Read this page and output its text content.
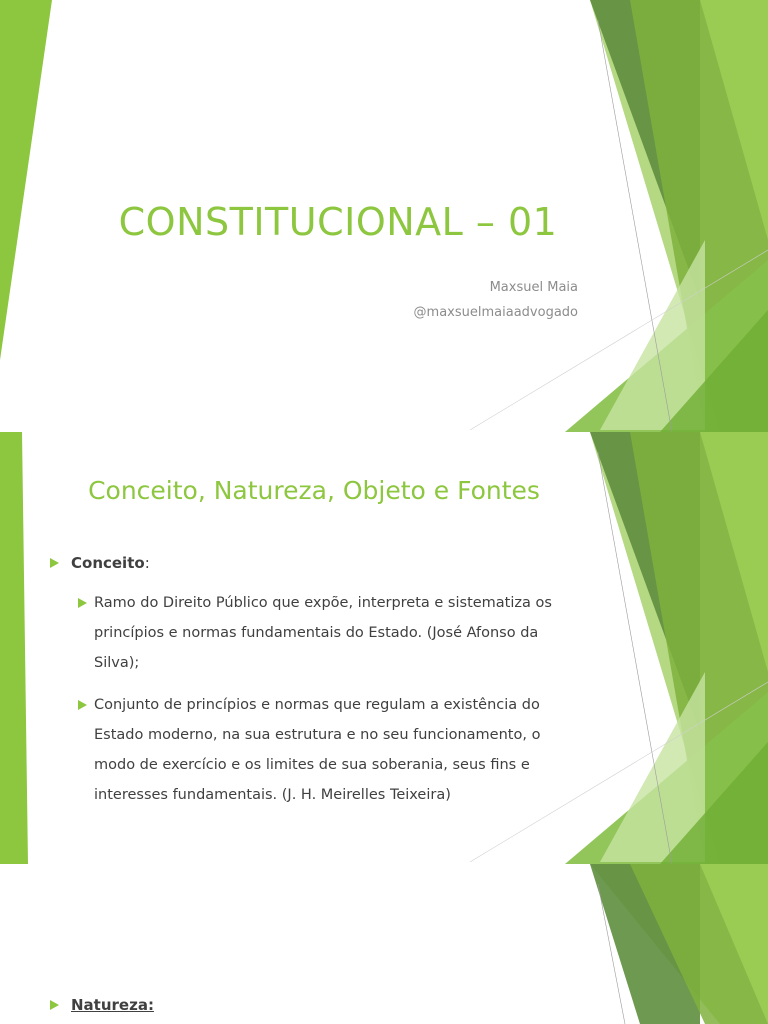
CONSTITUCIONAL – 01

Maxsuel Maia

@maxsuelmaiaadvogado

Conceito, Natureza, Objeto e Fontes
Conceito:
Ramo do Direito Público que expõe, interpreta e sistematiza os princípios e normas fundamentais do Estado. (José Afonso da Silva);
Conjunto de princípios e normas que regulam a existência do Estado moderno, na sua estrutura e no seu funcionamento, o modo de exercício e os limites de sua soberania, seus fins e interesses fundamentais. (J. H. Meirelles Teixeira)
Natureza:
